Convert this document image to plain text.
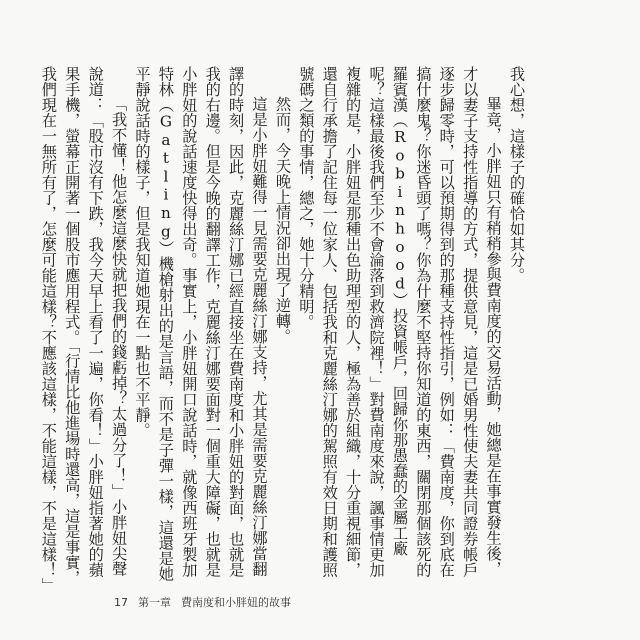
我心想，這樣子的確恰如其分。

畢竟，小胖妞只有稍稍參與費南度的交易活動，她總是在事實發生後，才以妻子支持性指導的方式，提供意見，這是已婚男性使夫妻共同證券帳戶逐步歸零時，可以預期得到的那種支持性指引，例如：「費南度，你到底在搞什麼鬼？你迷昏頭了嗎？你為什麼不堅持你知道的東西，關閉那個該死的羅賓漢（Robinhood）投資帳戶，回歸你那愚蠢的金屬工廠呢？這樣最後我們至少不會淪落到救濟院裡！」對費南度來說，諷事情更加複雜的是，小胖妞是那種出色助理型的人，極為善於組織，十分重視細節，還自行承擔了記住每一位家人、包括我和克麗絲汀娜的駕照有效日期和護照號碼之類的事情，總之，她十分精明。

然而，今天晚上情況卻出現了逆轉。

這是小胖妞難得一見需要克麗絲汀娜支持，尤其是需要克麗絲汀娜當翻譯的時刻，因此，克麗絲汀娜已經直接坐在費南度和小胖妞的對面，也就是我的右邊。但是今晚的翻譯工作，克麗絲汀娜要面對一個重大障礙，也就是小胖妞的說話速度快得出奇。事實上，小胖妞開口說話時，就像西班牙製加特林（Gatling）機槍射出的是言語，而不是子彈一樣，這還是她平靜說話時的樣子，但是我知道她現在一點也不平靜。

「我不懂！他怎麼這麼快就把我們的錢虧掉？太過分了！」小胖妞尖聲說道：「股市沒有下跌，我今天早上看了一遍，你看！」小胖妞指著她的蘋果手機，螢幕正開著一個股市應用程式。「行情比他進場時還高，這是事實，我們現在一無所有了，怎麼可能這樣？不應該這樣，不能這樣，不是這樣！」

17 第一章 費南度和小胖妞的故事
